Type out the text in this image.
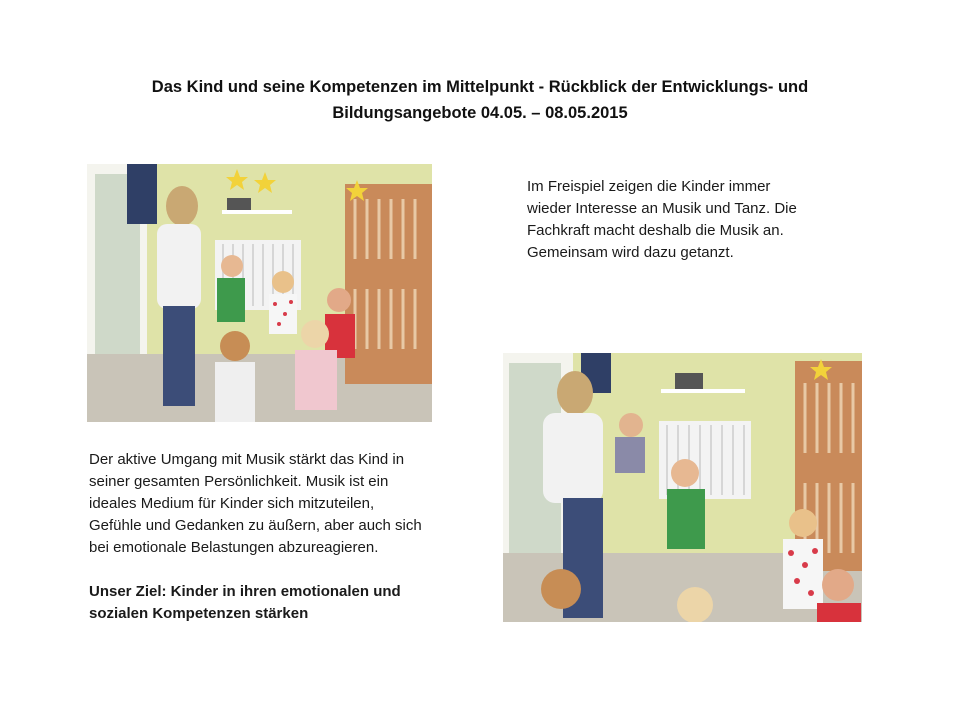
Das Kind und seine Kompetenzen im Mittelpunkt - Rückblick der Entwicklungs- und
Bildungsangebote 04.05. – 08.05.2015

Im Freispiel zeigen die Kinder immer

wieder Interesse an Musik und Tanz. Die

Fachkraft macht deshalb die Musik an.

Gemeinsam wird dazu getanzt.

Der aktive Umgang mit Musik stärkt das Kind in

seiner gesamten Persönlichkeit. Musik ist ein

ideales Medium für Kinder sich mitzuteilen,

Gefühle und Gedanken zu äußern, aber auch sich

bei emotionale Belastungen abzureagieren.

Unser Ziel: Kinder in ihren emotionalen und

sozialen Kompetenzen stärken
